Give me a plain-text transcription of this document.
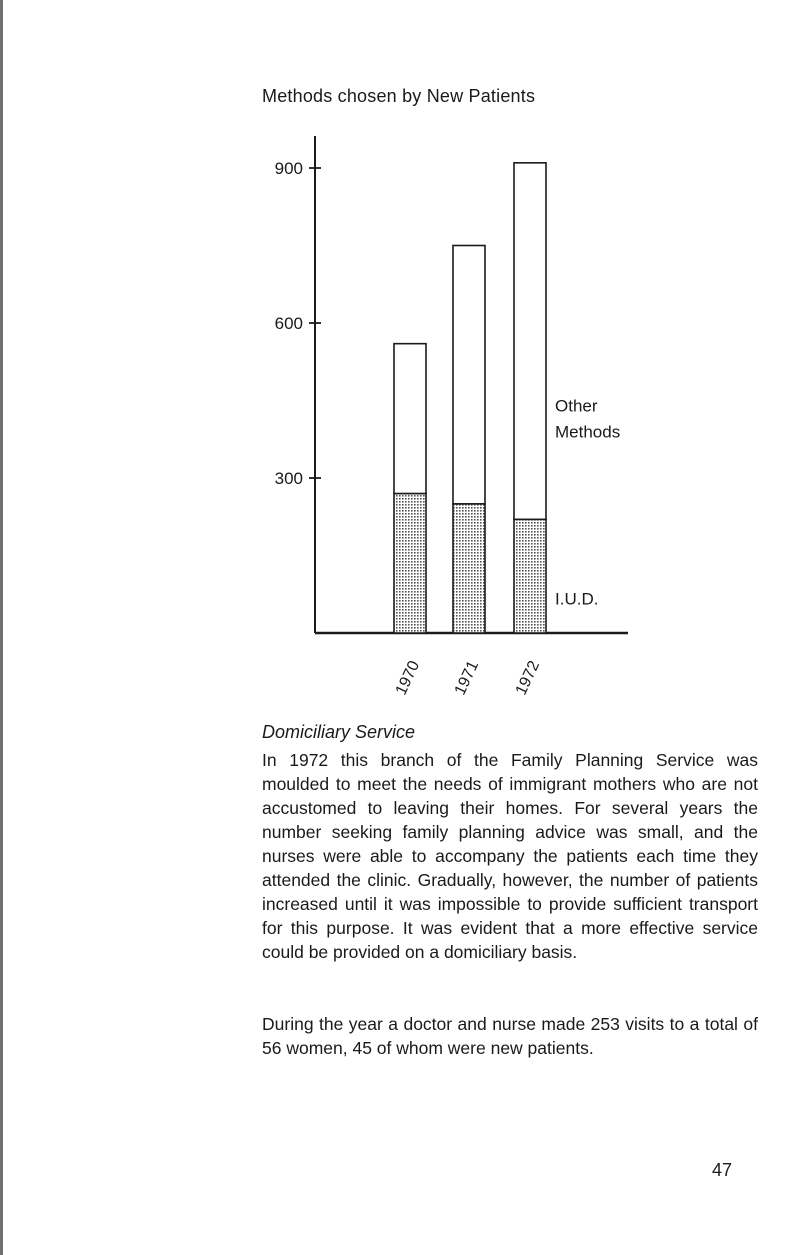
Methods chosen by New Patients
300
600
900
1970 1971 1972
Other
Methods
I.U.D.
Domiciliary Service

In 1972 this branch of the Family Planning Service was moulded to meet the needs of immigrant mothers who are not accustomed to leaving their homes. For several years the number seeking family planning advice was small, and the nurses were able to accompany the patients each time they attended the clinic. Gradually, however, the number of patients increased until it was impossible to provide sufficient transport for this purpose. It was evident that a more effective service could be provided on a domiciliary basis.

During the year a doctor and nurse made 253 visits to a total of 56 women, 45 of whom were new patients.

47
